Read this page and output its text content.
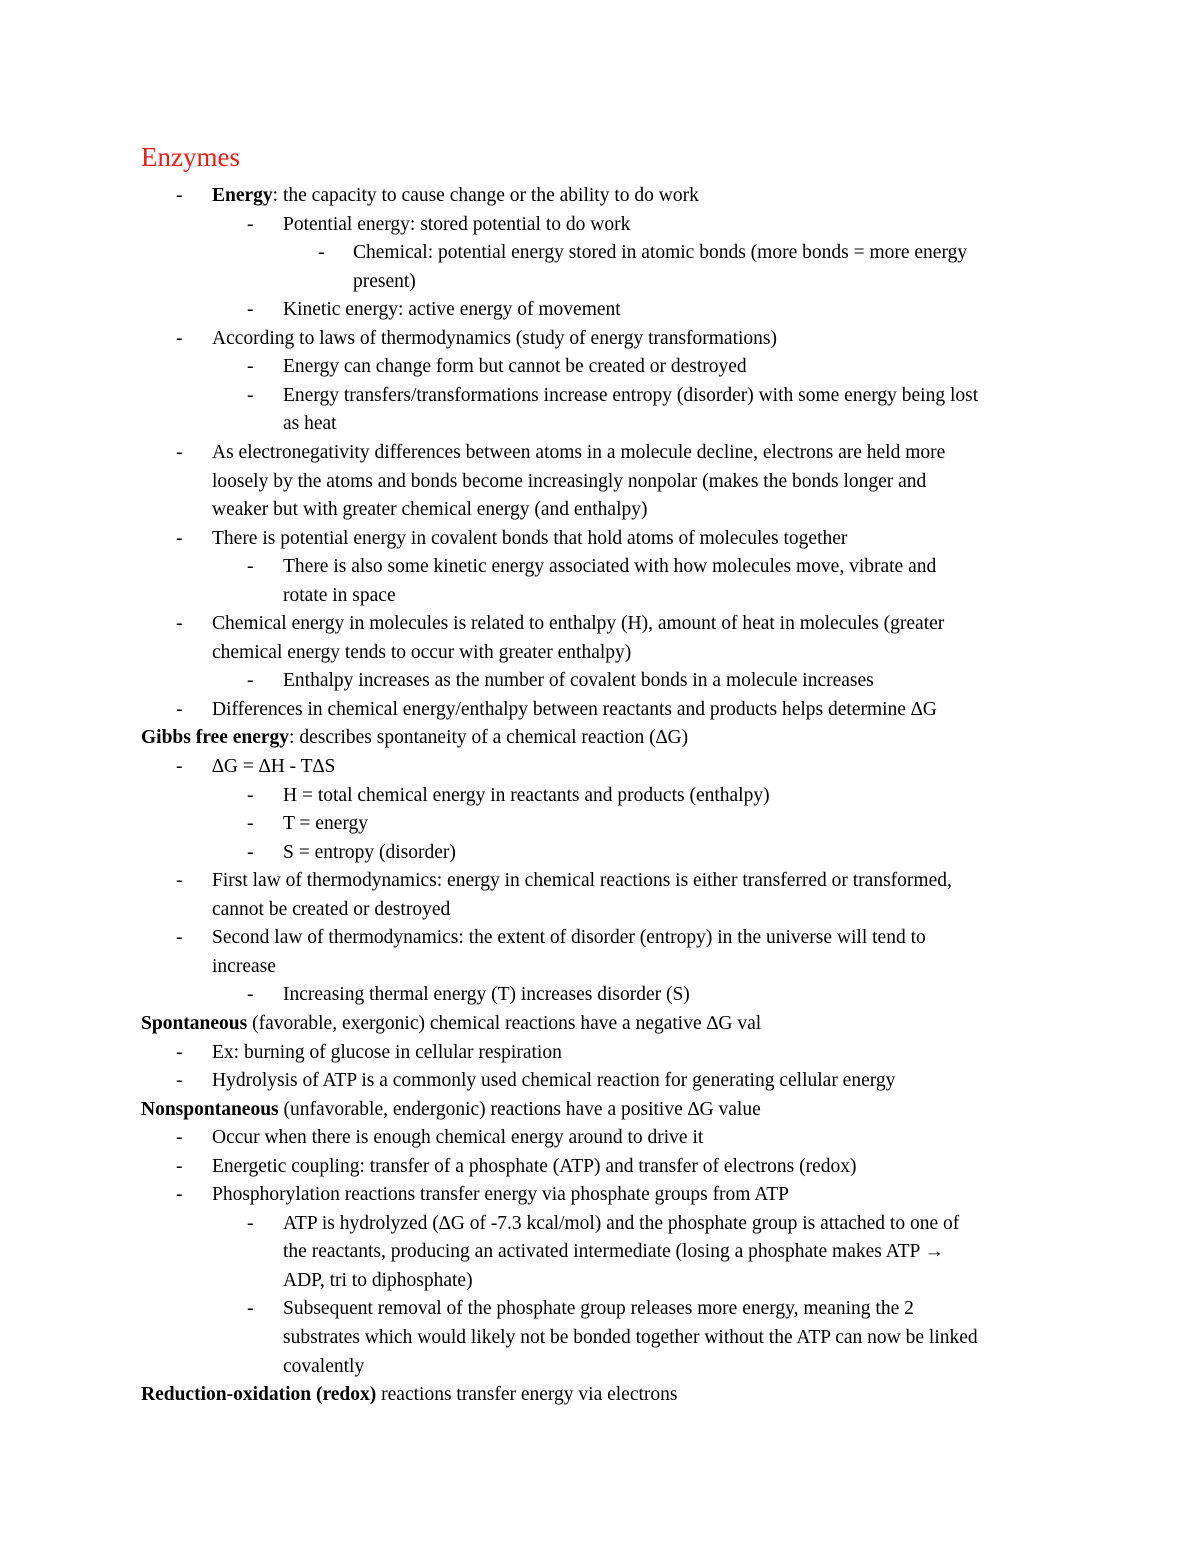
Enzymes
- Energy: the capacity to cause change or the ability to do work
- Potential energy: stored potential to do work
- Chemical: potential energy stored in atomic bonds (more bonds = more energy
present)
- Kinetic energy: active energy of movement
- According to laws of thermodynamics (study of energy transformations)
- Energy can change form but cannot be created or destroyed
- Energy transfers/transformations increase entropy (disorder) with some energy being lost
as heat
- As electronegativity differences between atoms in a molecule decline, electrons are held more
loosely by the atoms and bonds become increasingly nonpolar (makes the bonds longer and
weaker but with greater chemical energy (and enthalpy)
- There is potential energy in covalent bonds that hold atoms of molecules together
- There is also some kinetic energy associated with how molecules move, vibrate and
rotate in space
- Chemical energy in molecules is related to enthalpy (H), amount of heat in molecules (greater
chemical energy tends to occur with greater enthalpy)
- Enthalpy increases as the number of covalent bonds in a molecule increases
- Differences in chemical energy/enthalpy between reactants and products helps determine ∆G
Gibbs free energy: describes spontaneity of a chemical reaction (∆G)
- ∆G = ∆H - T∆S
- H = total chemical energy in reactants and products (enthalpy)
- T = energy
- S = entropy (disorder)
- First law of thermodynamics: energy in chemical reactions is either transferred or transformed,
cannot be created or destroyed
- Second law of thermodynamics: the extent of disorder (entropy) in the universe will tend to
increase
- Increasing thermal energy (T) increases disorder (S)
Spontaneous (favorable, exergonic) chemical reactions have a negative ∆G val
- Ex: burning of glucose in cellular respiration
- Hydrolysis of ATP is a commonly used chemical reaction for generating cellular energy
Nonspontaneous (unfavorable, endergonic) reactions have a positive ∆G value
- Occur when there is enough chemical energy around to drive it
- Energetic coupling: transfer of a phosphate (ATP) and transfer of electrons (redox)
- Phosphorylation reactions transfer energy via phosphate groups from ATP
- ATP is hydrolyzed (∆G of -7.3 kcal/mol) and the phosphate group is attached to one of
the reactants, producing an activated intermediate (losing a phosphate makes ATP →
ADP, tri to diphosphate)
- Subsequent removal of the phosphate group releases more energy, meaning the 2
substrates which would likely not be bonded together without the ATP can now be linked
covalently
Reduction-oxidation (redox) reactions transfer energy via electrons
